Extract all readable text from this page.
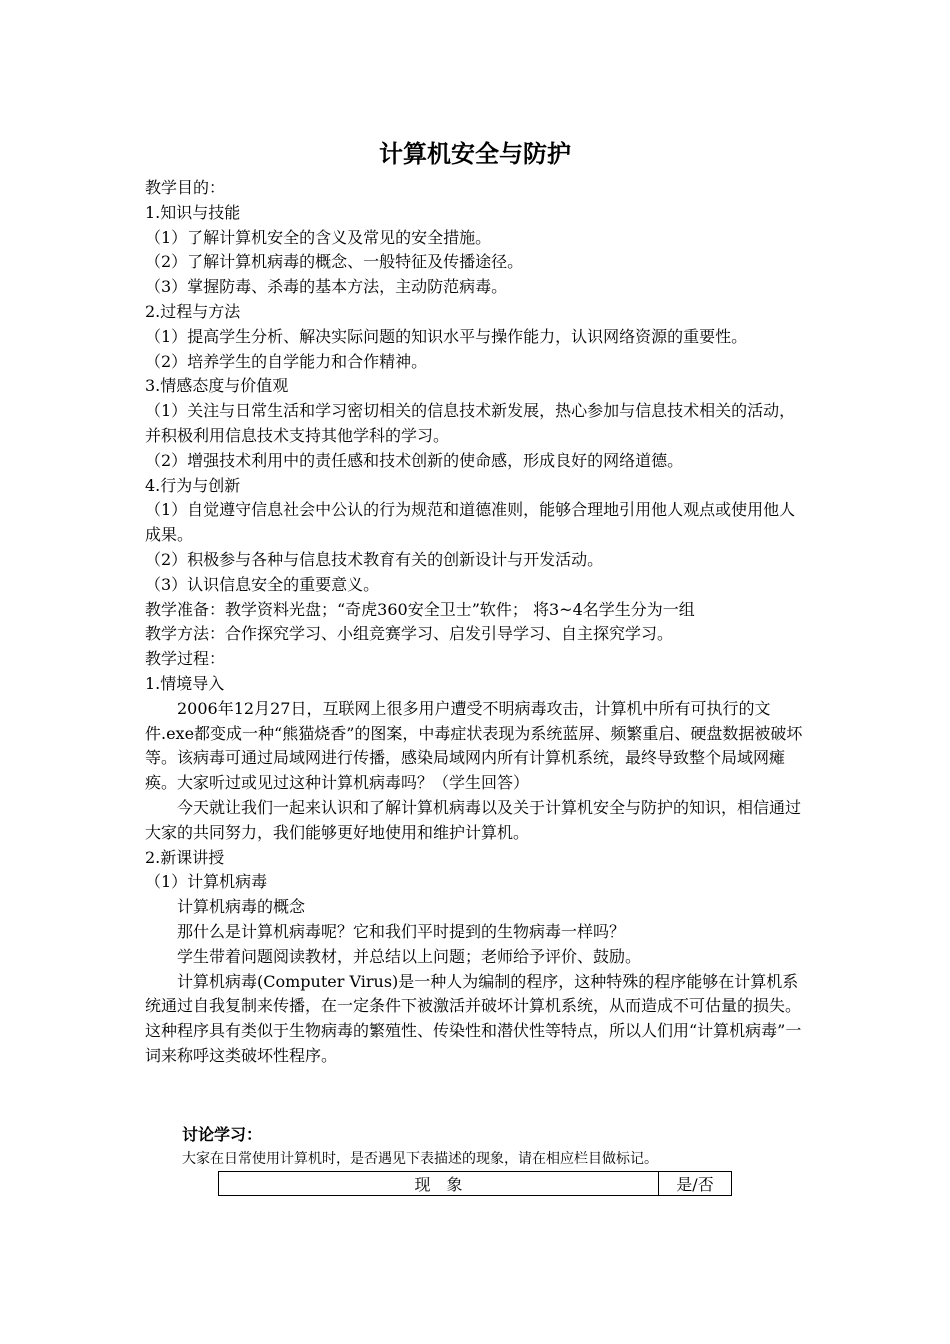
计算机安全与防护

教学目的：

1.知识与技能

（1）了解计算机安全的含义及常见的安全措施。

（2）了解计算机病毒的概念、一般特征及传播途径。

（3）掌握防毒、杀毒的基本方法，主动防范病毒。

2.过程与方法

（1）提高学生分析、解决实际问题的知识水平与操作能力，认识网络资源的重要性。

（2）培养学生的自学能力和合作精神。

3.情感态度与价值观

（1）关注与日常生活和学习密切相关的信息技术新发展，热心参加与信息技术相关的活动，并积极利用信息技术支持其他学科的学习。

（2）增强技术利用中的责任感和技术创新的使命感，形成良好的网络道德。

4.行为与创新

（1）自觉遵守信息社会中公认的行为规范和道德准则，能够合理地引用他人观点或使用他人成果。

（2）积极参与各种与信息技术教育有关的创新设计与开发活动。

（3）认识信息安全的重要意义。

教学准备：教学资料光盘；“奇虎360安全卫士”软件； 将3~4名学生分为一组

教学方法：合作探究学习、小组竞赛学习、启发引导学习、自主探究学习。

教学过程：

1.情境导入

2006年12月27日，互联网上很多用户遭受不明病毒攻击，计算机中所有可执行的文件.exe都变成一种“熊猫烧香”的图案，中毒症状表现为系统蓝屏、频繁重启、硬盘数据被破坏等。该病毒可通过局域网进行传播，感染局域网内所有计算机系统，最终导致整个局域网瘫痪。大家听过或见过这种计算机病毒吗？（学生回答）

今天就让我们一起来认识和了解计算机病毒以及关于计算机安全与防护的知识，相信通过大家的共同努力，我们能够更好地使用和维护计算机。

2.新课讲授

（1）计算机病毒

计算机病毒的概念

那什么是计算机病毒呢？它和我们平时提到的生物病毒一样吗？

学生带着问题阅读教材，并总结以上问题；老师给予评价、鼓励。

计算机病毒(Computer Virus)是一种人为编制的程序，这种特殊的程序能够在计算机系统通过自我复制来传播，在一定条件下被激活并破坏计算机系统，从而造成不可估量的损失。这种程序具有类似于生物病毒的繁殖性、传染性和潜伏性等特点，所以人们用“计算机病毒”一词来称呼这类破坏性程序。

讨论学习：
大家在日常使用计算机时，是否遇见下表描述的现象，请在相应栏目做标记。
现　象	是/否
